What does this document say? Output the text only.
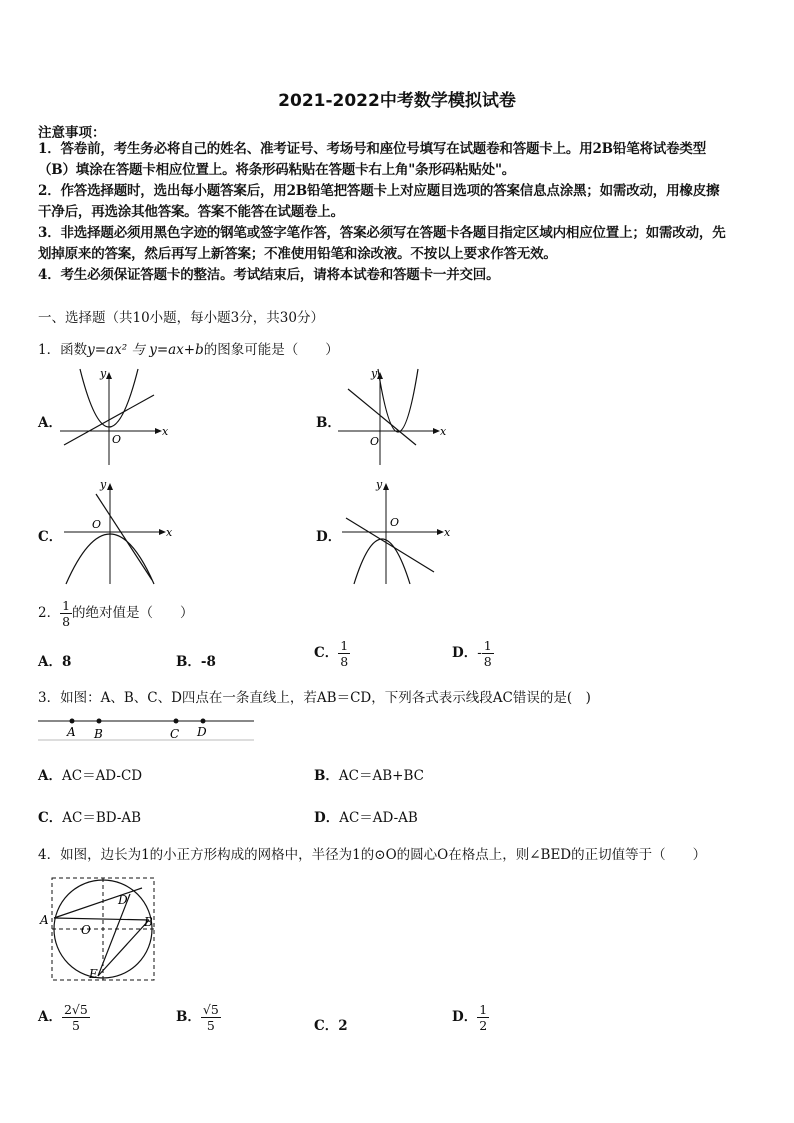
2021-2022中考数学模拟试卷
注意事项：
1．答卷前，考生务必将自己的姓名、准考证号、考场号和座位号填写在试题卷和答题卡上。用2B铅笔将试卷类型
（B）填涂在答题卡相应位置上。将条形码粘贴在答题卡右上角"条形码粘贴处"。
2．作答选择题时，选出每小题答案后，用2B铅笔把答题卡上对应题目选项的答案信息点涂黑；如需改动，用橡皮擦
干净后，再选涂其他答案。答案不能答在试题卷上。
3．非选择题必须用黑色字迹的钢笔或签字笔作答，答案必须写在答题卡各题目指定区域内相应位置上；如需改动，先
划掉原来的答案，然后再写上新答案；不准使用铅笔和涂改液。不按以上要求作答无效。
4．考生必须保证答题卡的整洁。考试结束后，请将本试卷和答题卡一并交回。
一、选择题（共10小题，每小题3分，共30分）
1．函数y=ax² 与 y=ax+b的图象可能是（　　）
A．
y
x
O
B．
y
x
O
C．
y
x
O
D．
y
x
O
2． $\frac{1}{8}$ 的绝对值是（　　）
A．8	B．-8
C． $\frac{1}{8}$	D．- $\frac{1}{8}$
3．如图：A、B、C、D四点在一条直线上，若AB＝CD，下列各式表示线段AC错误的是(　)
A B	C D
A．AC＝AD-CD	B．AC＝AB+BC
C．AC＝BD-AB	D．AC＝AD-AB
4．如图，边长为1的小正方形构成的网格中，半径为1的⊙O的圆心O在格点上，则∠BED的正切值等于（　　）
A	B
D
E
O
A． $\frac{2√5}{5}$	B． $\frac{√5}{5}$	C．2
D． $\frac{1}{2}$
